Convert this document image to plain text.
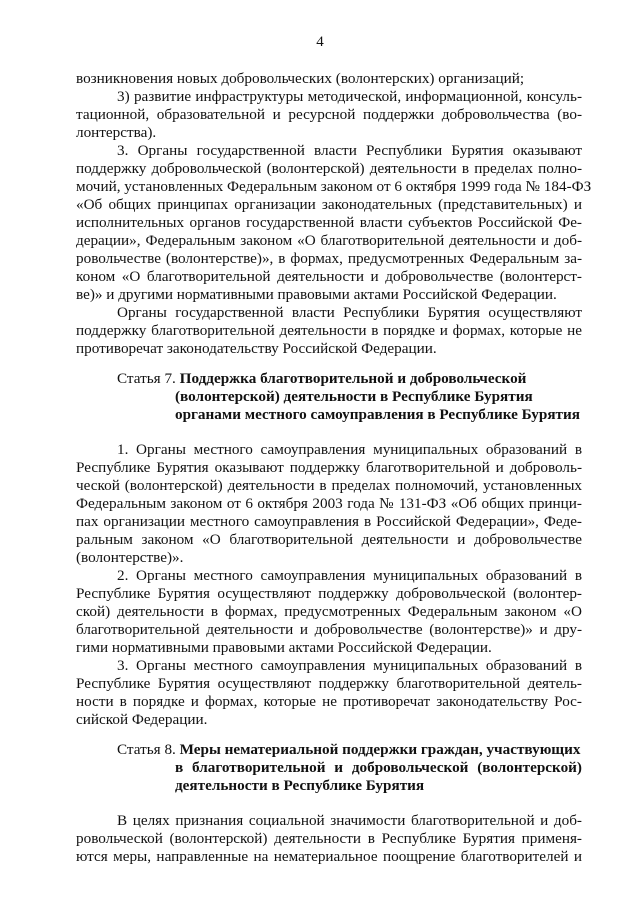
4
возникновения новых добровольческих (волонтерских) организаций;
3) развитие инфраструктуры методической, информационной, консуль-
тационной, образовательной и ресурсной поддержки добровольчества (во-
лонтерства).
3. Органы государственной власти Республики Бурятия оказывают
поддержку добровольческой (волонтерской) деятельности в пределах полно-
мочий, установленных Федеральным законом от 6 октября 1999 года № 184-ФЗ
«Об общих принципах организации законодательных (представительных) и
исполнительных органов государственной власти субъектов Российской Фе-
дерации», Федеральным законом «О благотворительной деятельности и доб-
ровольчестве (волонтерстве)», в формах, предусмотренных Федеральным за-
коном «О благотворительной деятельности и добровольчестве (волонтерст-
ве)» и другими нормативными правовыми актами Российской Федерации.
Органы государственной власти Республики Бурятия осуществляют
поддержку благотворительной деятельности в порядке и формах, которые не
противоречат законодательству Российской Федерации.
Статья 7. Поддержка благотворительной и добровольческой
(волонтерской) деятельности в Республике Бурятия
органами местного самоуправления в Республике Бурятия
1. Органы местного самоуправления муниципальных образований в
Республике Бурятия оказывают поддержку благотворительной и доброволь-
ческой (волонтерской) деятельности в пределах полномочий, установленных
Федеральным законом от 6 октября 2003 года № 131-ФЗ «Об общих принци-
пах организации местного самоуправления в Российской Федерации», Феде-
ральным законом «О благотворительной деятельности и добровольчестве
(волонтерстве)».
2. Органы местного самоуправления муниципальных образований в
Республике Бурятия осуществляют поддержку добровольческой (волонтер-
ской) деятельности в формах, предусмотренных Федеральным законом «О
благотворительной деятельности и добровольчестве (волонтерстве)» и дру-
гими нормативными правовыми актами Российской Федерации.
3. Органы местного самоуправления муниципальных образований в
Республике Бурятия осуществляют поддержку благотворительной деятель-
ности в порядке и формах, которые не противоречат законодательству Рос-
сийской Федерации.
Статья 8. Меры нематериальной поддержки граждан, участвующих
в благотворительной и добровольческой (волонтерской)
деятельности в Республике Бурятия
В целях признания социальной значимости благотворительной и доб-
ровольческой (волонтерской) деятельности в Республике Бурятия применя-
ются меры, направленные на нематериальное поощрение благотворителей и
